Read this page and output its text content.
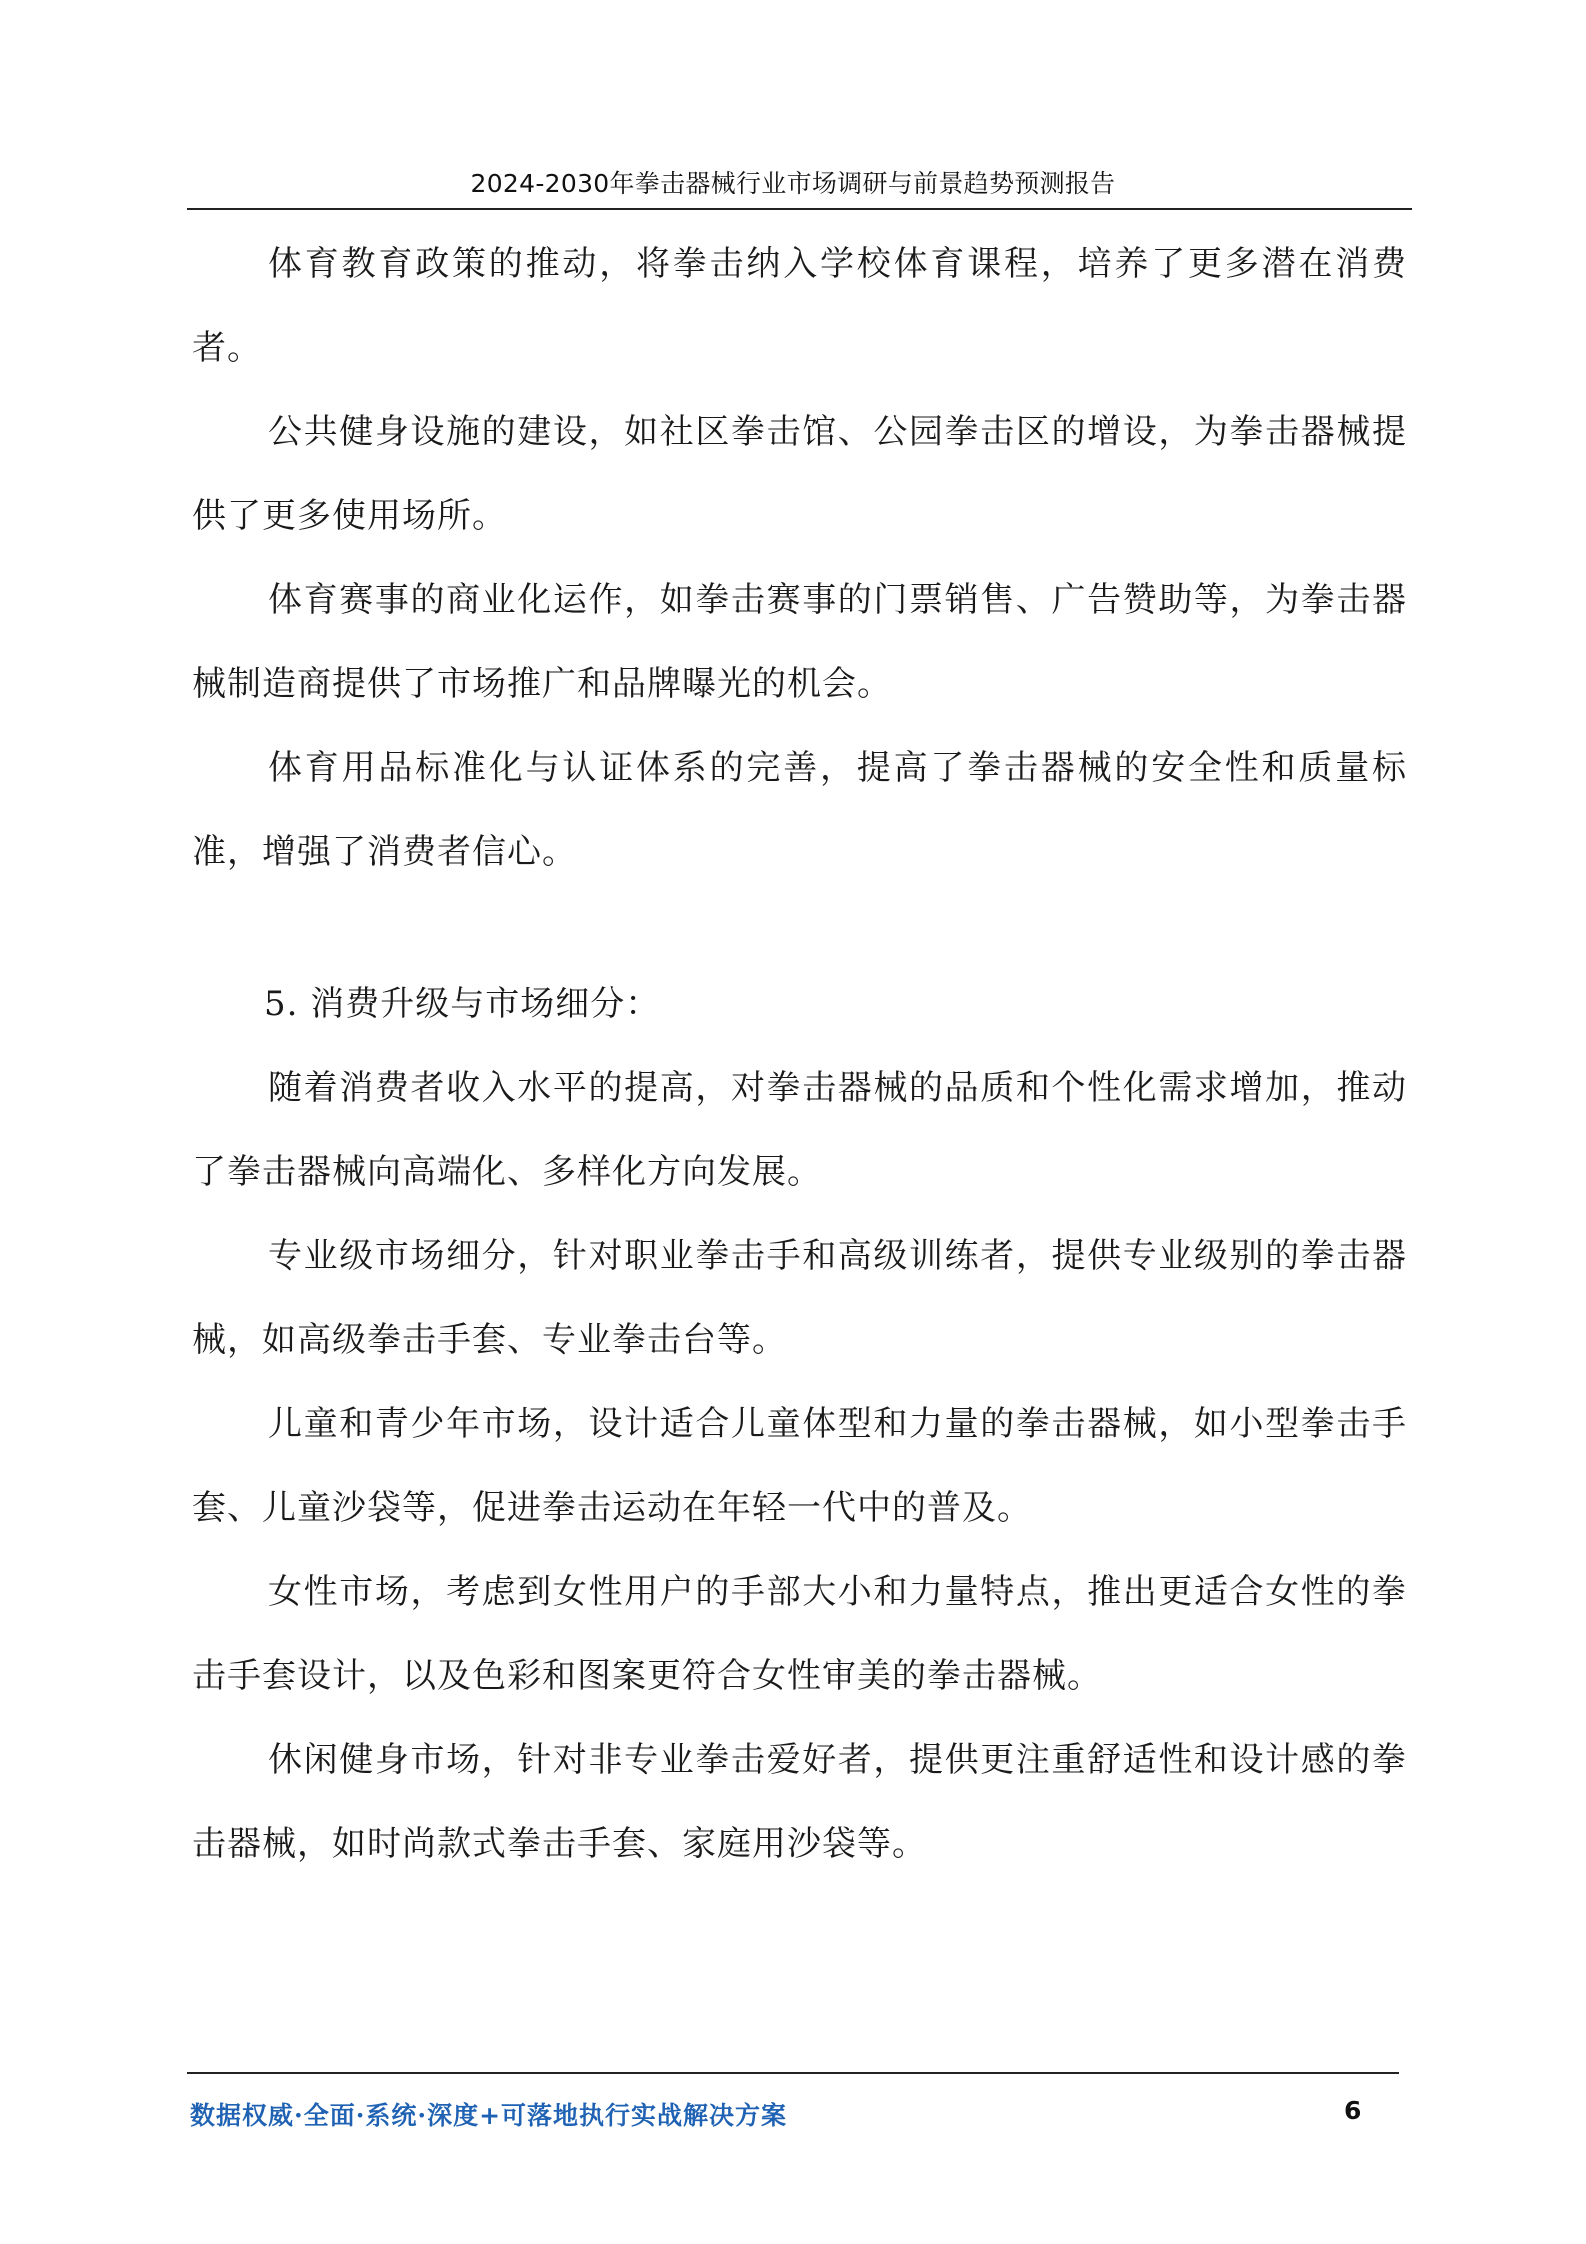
2024-2030年拳击器械行业市场调研与前景趋势预测报告

体育教育政策的推动，将拳击纳入学校体育课程，培养了更多潜在消费者。

公共健身设施的建设，如社区拳击馆、公园拳击区的增设，为拳击器械提供了更多使用场所。

体育赛事的商业化运作，如拳击赛事的门票销售、广告赞助等，为拳击器械制造商提供了市场推广和品牌曝光的机会。

体育用品标准化与认证体系的完善，提高了拳击器械的安全性和质量标准，增强了消费者信心。

5. 消费升级与市场细分：

随着消费者收入水平的提高，对拳击器械的品质和个性化需求增加，推动了拳击器械向高端化、多样化方向发展。

专业级市场细分，针对职业拳击手和高级训练者，提供专业级别的拳击器械，如高级拳击手套、专业拳击台等。

儿童和青少年市场，设计适合儿童体型和力量的拳击器械，如小型拳击手套、儿童沙袋等，促进拳击运动在年轻一代中的普及。

女性市场，考虑到女性用户的手部大小和力量特点，推出更适合女性的拳击手套设计，以及色彩和图案更符合女性审美的拳击器械。

休闲健身市场，针对非专业拳击爱好者，提供更注重舒适性和设计感的拳击器械，如时尚款式拳击手套、家庭用沙袋等。

数据权威·全面·系统·深度+可落地执行实战解决方案	6
